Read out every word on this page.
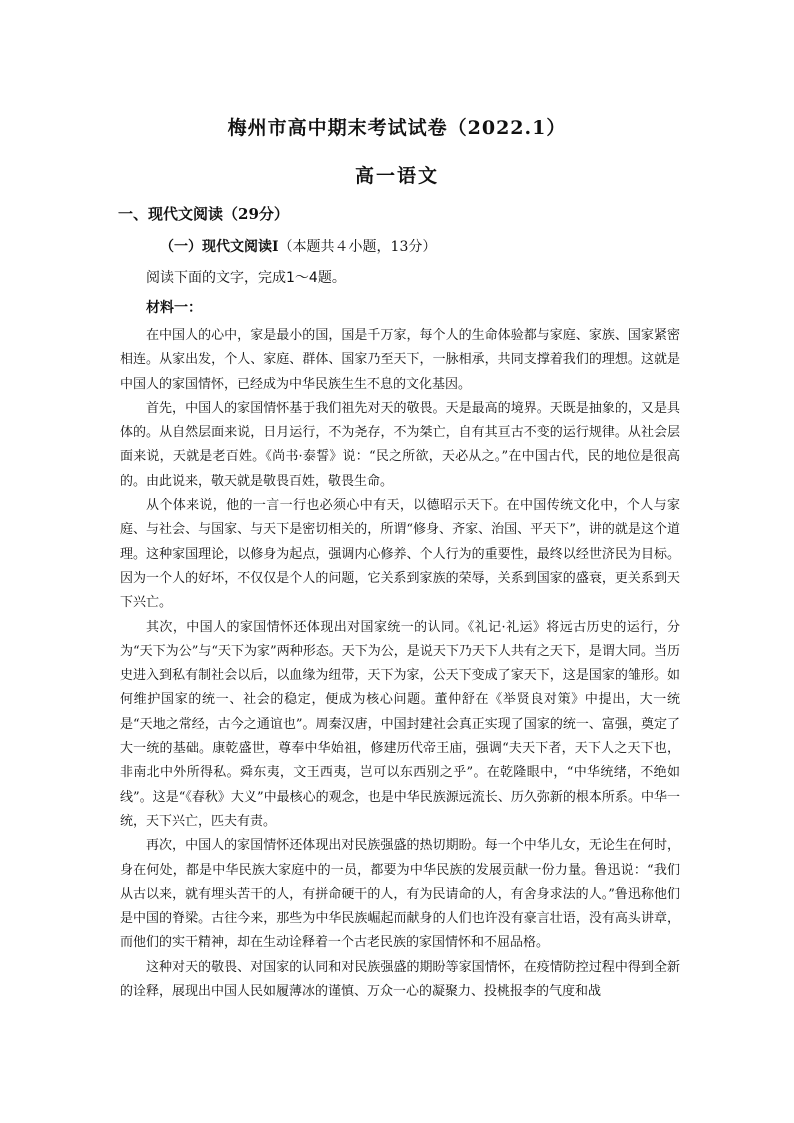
梅州市高中期末考试试卷（2022.1）
高一语文
一、现代文阅读（29分）
（一）现代文阅读Ⅰ（本题共４小题，13分）
阅读下面的文字，完成1～4题。
材料一：

在中国人的心中，家是最小的国，国是千万家，每个人的生命体验都与家庭、家族、国家紧密相连。从家出发，个人、家庭、群体、国家乃至天下，一脉相承，共同支撑着我们的理想。这就是中国人的家国情怀，已经成为中华民族生生不息的文化基因。

首先，中国人的家国情怀基于我们祖先对天的敬畏。天是最高的境界。天既是抽象的，又是具体的。从自然层面来说，日月运行，不为尧存，不为桀亡，自有其亘古不变的运行规律。从社会层面来说，天就是老百姓。《尚书·泰誓》说：“民之所欲，天必从之。”在中国古代，民的地位是很高的。由此说来，敬天就是敬畏百姓，敬畏生命。

从个体来说，他的一言一行也必须心中有天，以德昭示天下。在中国传统文化中，个人与家庭、与社会、与国家、与天下是密切相关的，所谓“修身、齐家、治国、平天下”，讲的就是这个道理。这种家国理论，以修身为起点，强调内心修养、个人行为的重要性，最终以经世济民为目标。因为一个人的好坏，不仅仅是个人的问题，它关系到家族的荣辱，关系到国家的盛衰，更关系到天下兴亡。

其次，中国人的家国情怀还体现出对国家统一的认同。《礼记·礼运》将远古历史的运行，分为“天下为公”与“天下为家”两种形态。天下为公，是说天下乃天下人共有之天下，是谓大同。当历史进入到私有制社会以后，以血缘为纽带，天下为家，公天下变成了家天下，这是国家的雏形。如何维护国家的统一、社会的稳定，便成为核心问题。董仲舒在《举贤良对策》中提出，大一统是“天地之常经，古今之通谊也”。周秦汉唐，中国封建社会真正实现了国家的统一、富强，奠定了大一统的基础。康乾盛世，尊奉中华始祖，修建历代帝王庙，强调“夫天下者，天下人之天下也，非南北中外所得私。舜东夷，文王西夷，岂可以东西别之乎”。在乾隆眼中，“中华统绪，不绝如线”。这是“《春秋》大义”中最核心的观念，也是中华民族源远流长、历久弥新的根本所系。中华一统，天下兴亡，匹夫有责。

再次，中国人的家国情怀还体现出对民族强盛的热切期盼。每一个中华儿女，无论生在何时，身在何处，都是中华民族大家庭中的一员，都要为中华民族的发展贡献一份力量。鲁迅说：“我们从古以来，就有埋头苦干的人，有拼命硬干的人，有为民请命的人，有舍身求法的人。”鲁迅称他们是中国的脊梁。古往今来，那些为中华民族崛起而献身的人们也许没有豪言壮语，没有高头讲章，而他们的实干精神，却在生动诠释着一个古老民族的家国情怀和不屈品格。

这种对天的敬畏、对国家的认同和对民族强盛的期盼等家国情怀，在疫情防控过程中得到全新的诠释，展现出中国人民如履薄冰的谨慎、万众一心的凝聚力、投桃报李的气度和战
